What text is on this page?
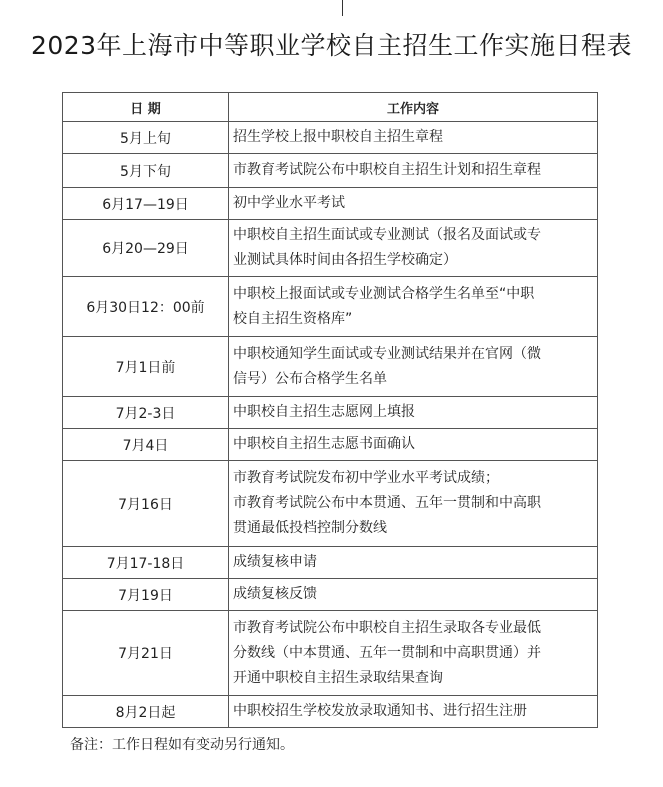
2023年上海市中等职业学校自主招生工作实施日程表
日 期	工作内容
5月上旬	招生学校上报中职校自主招生章程

5月下旬	市教育考试院公布中职校自主招生计划和招生章程

6月17—19日	初中学业水平考试

6月20—29日	中职校自主招生面试或专业测试（报名及面试或专
业测试具体时间由各招生学校确定）

6月30日12：00前	中职校上报面试或专业测试合格学生名单至“中职
校自主招生资格库”

7月1日前	中职校通知学生面试或专业测试结果并在官网（微
信号）公布合格学生名单

7月2-3日	中职校自主招生志愿网上填报

7月4日	中职校自主招生志愿书面确认

7月16日	市教育考试院发布初中学业水平考试成绩；
市教育考试院公布中本贯通、五年一贯制和中高职
贯通最低投档控制分数线

7月17-18日	成绩复核申请

7月19日	成绩复核反馈

7月21日	市教育考试院公布中职校自主招生录取各专业最低
分数线（中本贯通、五年一贯制和中高职贯通）并
开通中职校自主招生录取结果查询

8月2日起	中职校招生学校发放录取通知书、进行招生注册
备注：工作日程如有变动另行通知。
